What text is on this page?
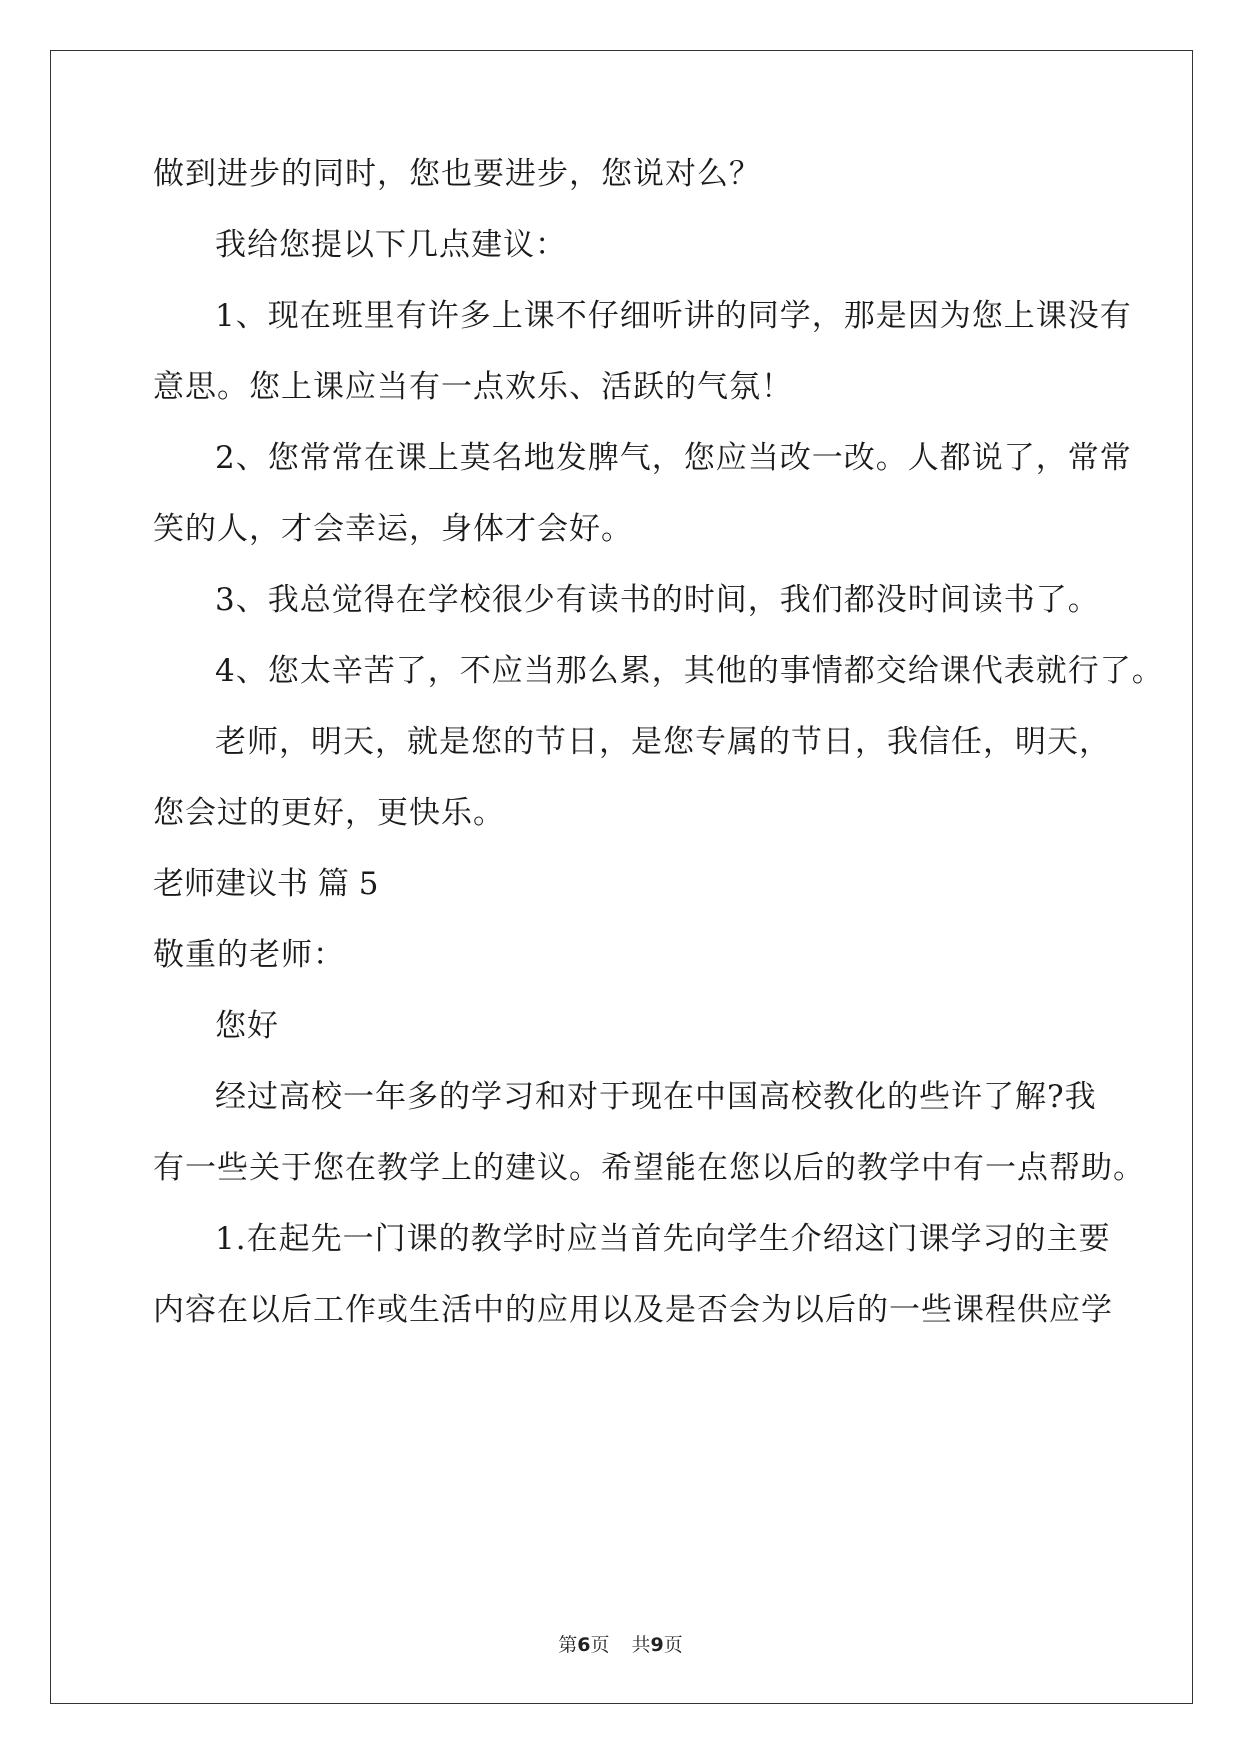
做到进步的同时，您也要进步，您说对么？
我给您提以下几点建议：
1、现在班里有许多上课不仔细听讲的同学，那是因为您上课没有
意思。您上课应当有一点欢乐、活跃的气氛！
2、您常常在课上莫名地发脾气，您应当改一改。人都说了，常常
笑的人，才会幸运，身体才会好。
3、我总觉得在学校很少有读书的时间，我们都没时间读书了。
4、您太辛苦了，不应当那么累，其他的事情都交给课代表就行了。
老师，明天，就是您的节日，是您专属的节日，我信任，明天，
您会过的更好，更快乐。
老师建议书 篇 5
敬重的老师：
您好
经过高校一年多的学习和对于现在中国高校教化的些许了解?我
有一些关于您在教学上的建议。希望能在您以后的教学中有一点帮助。
1.在起先一门课的教学时应当首先向学生介绍这门课学习的主要
内容在以后工作或生活中的应用以及是否会为以后的一些课程供应学
第6页 共9页
